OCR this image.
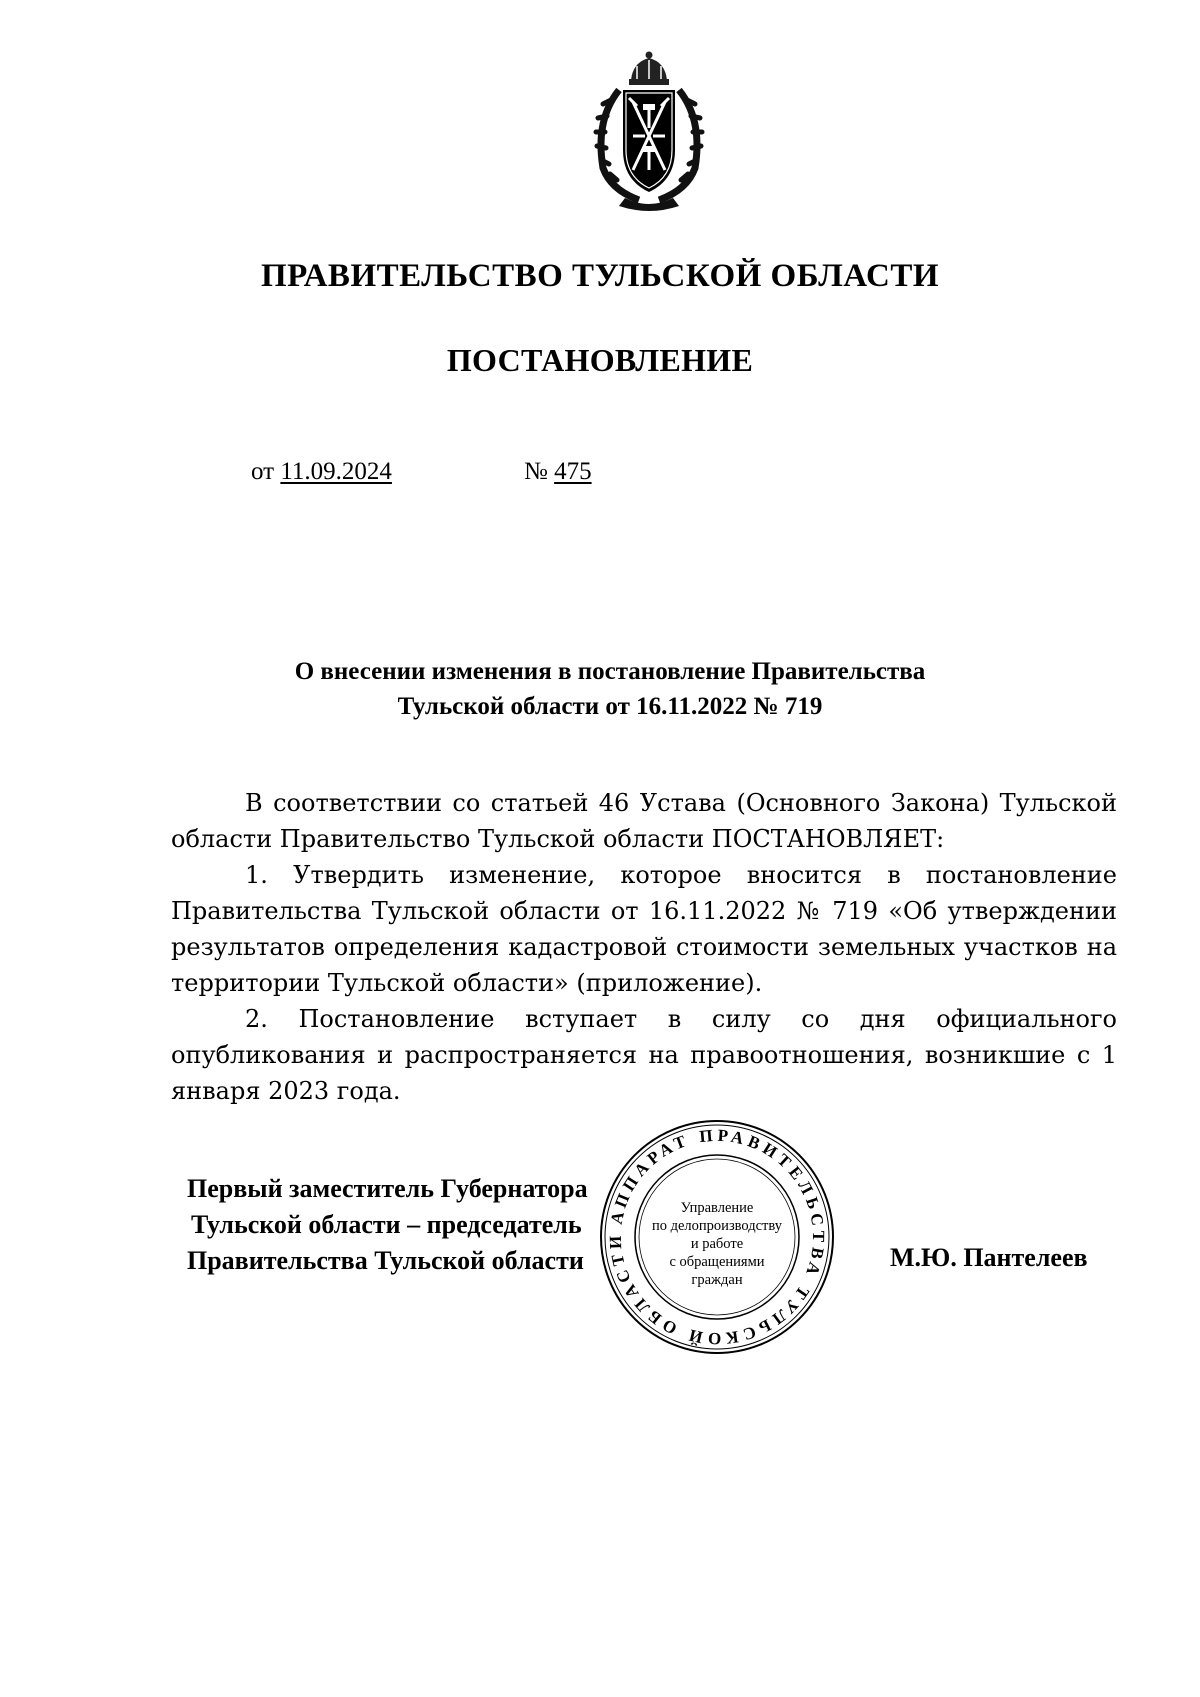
ПРАВИТЕЛЬСТВО ТУЛЬСКОЙ ОБЛАСТИ
ПОСТАНОВЛЕНИЕ
от 11.09.2024	№ 475
О внесении изменения в постановление Правительства
Тульской области от 16.11.2022 № 719

В соответствии со статьей 46 Устава (Основного Закона) Тульской области Правительство Тульской области ПОСТАНОВЛЯЕТ:

1. Утвердить изменение, которое вносится в постановление Правительства Тульской области от 16.11.2022 № 719 «Об утверждении результатов определения кадастровой стоимости земельных участков на территории Тульской области» (приложение).

2. Постановление вступает в силу со дня официального опубликования и распространяется на правоотношения, возникшие с 1 января 2023 года.

Первый заместитель Губернатора
Тульской области – председатель
Правительства Тульской области	М.Ю. Пантелеев
АППАРАТ ПРАВИТЕЛЬСТВА ТУЛЬСКОЙ ОБЛАСТИ
Управление
по делопроизводству
и работе
с обращениями
граждан
